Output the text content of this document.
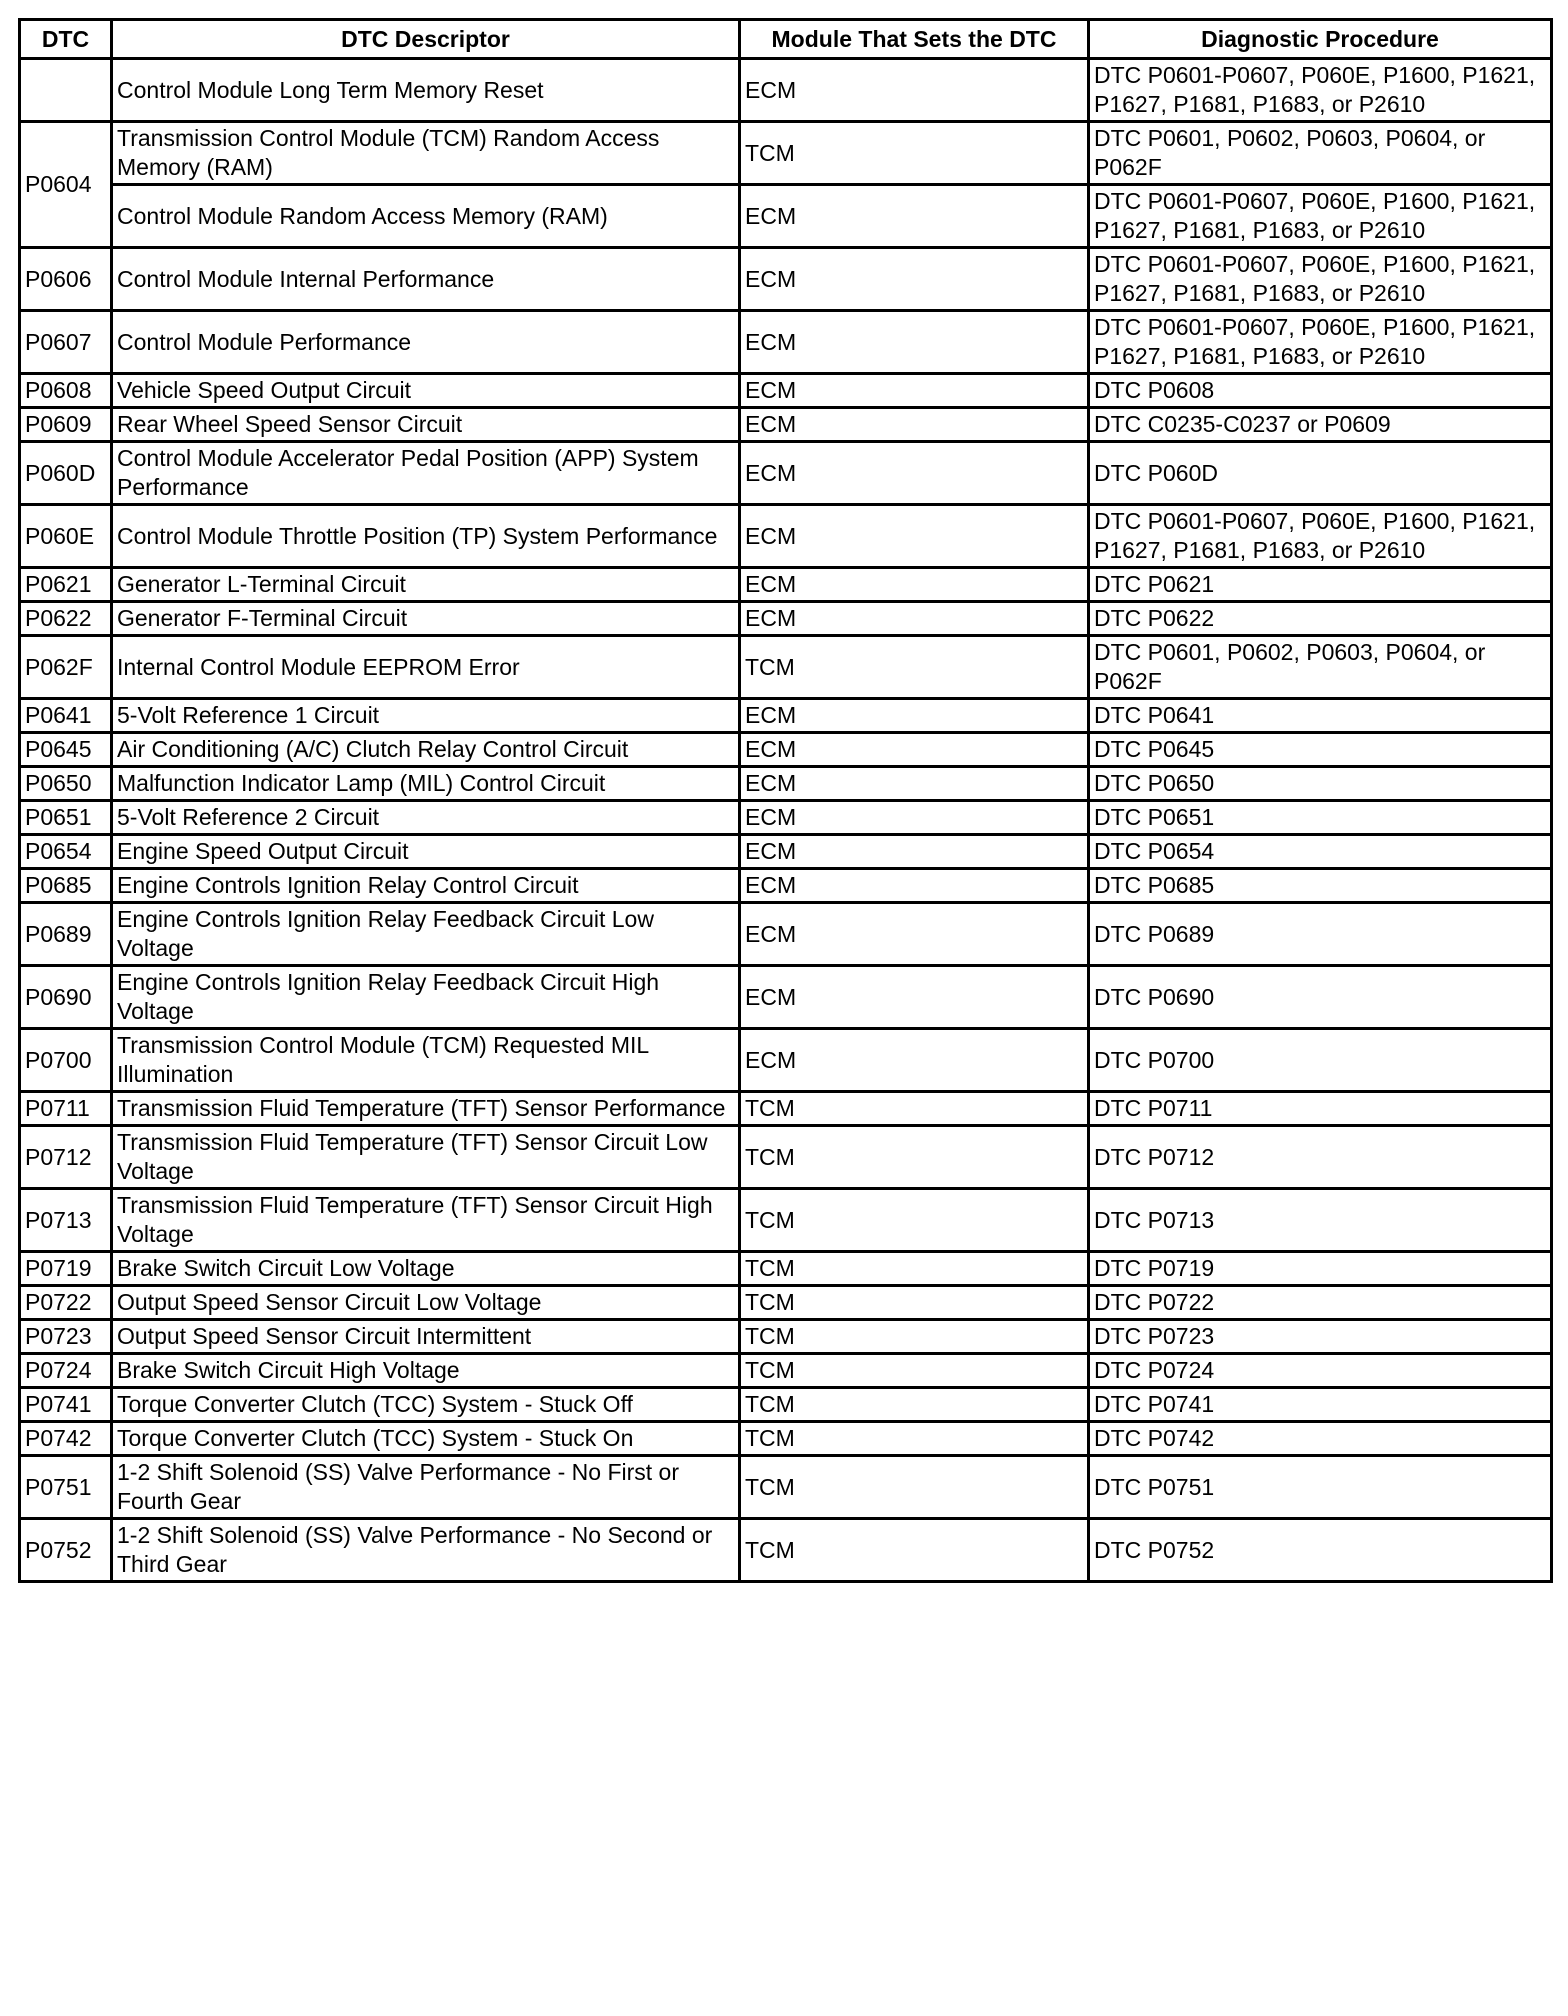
DTC	DTC Descriptor	Module That Sets the DTC	Diagnostic Procedure
	Control Module Long Term Memory Reset	ECM	DTC P0601-P0607, P060E, P1600, P1621, P1627, P1681, P1683, or P2610
P0604	Transmission Control Module (TCM) Random Access Memory (RAM)	TCM	DTC P0601, P0602, P0603, P0604, or P062F
	Control Module Random Access Memory (RAM)	ECM	DTC P0601-P0607, P060E, P1600, P1621, P1627, P1681, P1683, or P2610
P0606	Control Module Internal Performance	ECM	DTC P0601-P0607, P060E, P1600, P1621, P1627, P1681, P1683, or P2610
P0607	Control Module Performance	ECM	DTC P0601-P0607, P060E, P1600, P1621, P1627, P1681, P1683, or P2610
P0608	Vehicle Speed Output Circuit	ECM	DTC P0608
P0609	Rear Wheel Speed Sensor Circuit	ECM	DTC C0235-C0237 or P0609
P060D	Control Module Accelerator Pedal Position (APP) System Performance	ECM	DTC P060D
P060E	Control Module Throttle Position (TP) System Performance	ECM	DTC P0601-P0607, P060E, P1600, P1621, P1627, P1681, P1683, or P2610
P0621	Generator L-Terminal Circuit	ECM	DTC P0621
P0622	Generator F-Terminal Circuit	ECM	DTC P0622
P062F	Internal Control Module EEPROM Error	TCM	DTC P0601, P0602, P0603, P0604, or P062F
P0641	5-Volt Reference 1 Circuit	ECM	DTC P0641
P0645	Air Conditioning (A/C) Clutch Relay Control Circuit	ECM	DTC P0645
P0650	Malfunction Indicator Lamp (MIL) Control Circuit	ECM	DTC P0650
P0651	5-Volt Reference 2 Circuit	ECM	DTC P0651
P0654	Engine Speed Output Circuit	ECM	DTC P0654
P0685	Engine Controls Ignition Relay Control Circuit	ECM	DTC P0685
P0689	Engine Controls Ignition Relay Feedback Circuit Low Voltage	ECM	DTC P0689
P0690	Engine Controls Ignition Relay Feedback Circuit High Voltage	ECM	DTC P0690
P0700	Transmission Control Module (TCM) Requested MIL Illumination	ECM	DTC P0700
P0711	Transmission Fluid Temperature (TFT) Sensor Performance	TCM	DTC P0711
P0712	Transmission Fluid Temperature (TFT) Sensor Circuit Low Voltage	TCM	DTC P0712
P0713	Transmission Fluid Temperature (TFT) Sensor Circuit High Voltage	TCM	DTC P0713
P0719	Brake Switch Circuit Low Voltage	TCM	DTC P0719
P0722	Output Speed Sensor Circuit Low Voltage	TCM	DTC P0722
P0723	Output Speed Sensor Circuit Intermittent	TCM	DTC P0723
P0724	Brake Switch Circuit High Voltage	TCM	DTC P0724
P0741	Torque Converter Clutch (TCC) System - Stuck Off	TCM	DTC P0741
P0742	Torque Converter Clutch (TCC) System - Stuck On	TCM	DTC P0742
P0751	1-2 Shift Solenoid (SS) Valve Performance - No First or Fourth Gear	TCM	DTC P0751
P0752	1-2 Shift Solenoid (SS) Valve Performance - No Second or Third Gear	TCM	DTC P0752
